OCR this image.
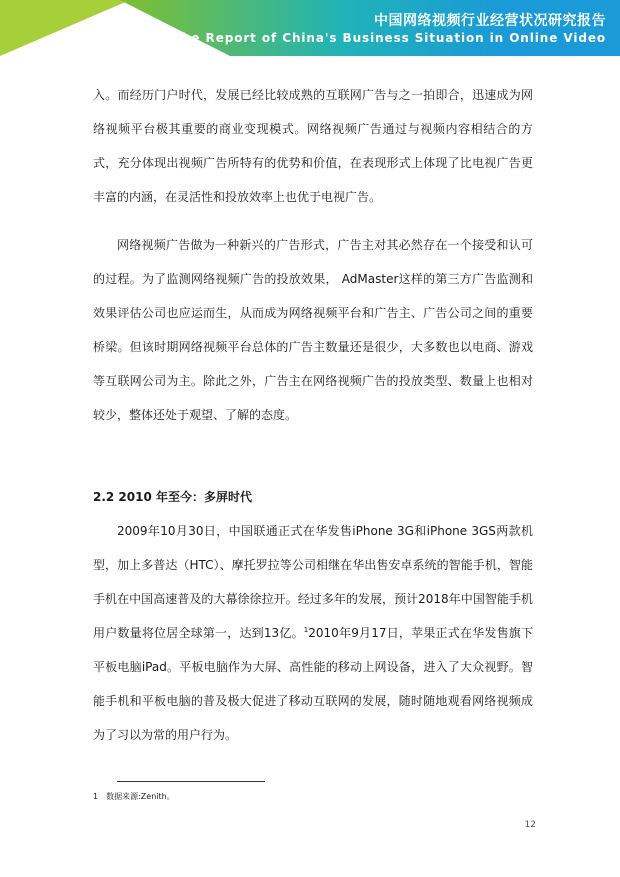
中国网络视频行业经营状况研究报告
The Report of China's Business Situation in Online Video

入。而经历门户时代，发展已经比较成熟的互联网广告与之一拍即合，迅速成为网络视频平台极其重要的商业变现模式。网络视频广告通过与视频内容相结合的方式，充分体现出视频广告所特有的优势和价值，在表现形式上体现了比电视广告更丰富的内涵，在灵活性和投放效率上也优于电视广告。

网络视频广告做为一种新兴的广告形式，广告主对其必然存在一个接受和认可的过程。为了监测网络视频广告的投放效果， AdMaster这样的第三方广告监测和效果评估公司也应运而生，从而成为网络视频平台和广告主、广告公司之间的重要桥梁。但该时期网络视频平台总体的广告主数量还是很少，大多数也以电商、游戏等互联网公司为主。除此之外，广告主在网络视频广告的投放类型、数量上也相对较少，整体还处于观望、了解的态度。

2.2 2010 年至今：多屏时代

2009年10月30日，中国联通正式在华发售iPhone 3G和iPhone 3GS两款机型，加上多普达（HTC）、摩托罗拉等公司相继在华出售安卓系统的智能手机，智能手机在中国高速普及的大幕徐徐拉开。经过多年的发展，预计2018年中国智能手机用户数量将位居全球第一，达到13亿。$^1$2010年9月17日，苹果正式在华发售旗下平板电脑iPad。平板电脑作为大屏、高性能的移动上网设备，进入了大众视野。智能手机和平板电脑的普及极大促进了移动互联网的发展，随时随地观看网络视频成为了习以为常的用户行为。

1 数据来源:Zenith。
12
